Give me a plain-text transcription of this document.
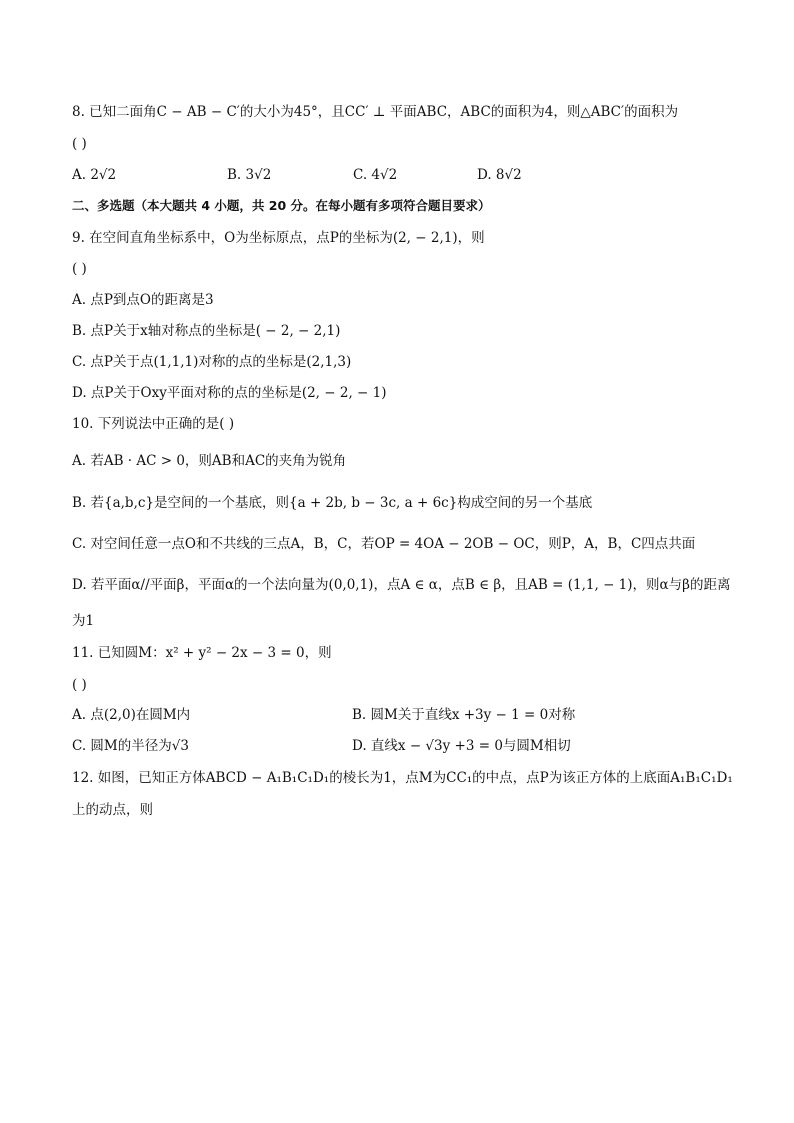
8. 已知二面角C − AB − C′的大小为45°，且CC′ ⊥ 平面ABC，ABC的面积为4，则△ABC′的面积为
( )
A. 2√2	B. 3√2	C. 4√2	D. 8√2
二、多选题（本大题共 4 小题，共 20 分。在每小题有多项符合题目要求）
9. 在空间直角坐标系中，O为坐标原点，点P的坐标为(2, − 2,1)，则
( )
A. 点P到点O的距离是3
B. 点P关于x轴对称点的坐标是( − 2, − 2,1)
C. 点P关于点(1,1,1)对称的点的坐标是(2,1,3)
D. 点P关于Oxy平面对称的点的坐标是(2, − 2, − 1)
10. 下列说法中正确的是( )
A. 若AB · AC > 0，则AB和AC的夹角为锐角
B. 若{a,b,c}是空间的一个基底，则{a + 2b, b − 3c, a + 6c}构成空间的另一个基底
C. 对空间任意一点O和不共线的三点A，B，C，若OP = 4OA − 2OB − OC，则P，A，B，C四点共面
D. 若平面α//平面β，平面α的一个法向量为(0,0,1)，点A ∈ α，点B ∈ β，且AB = (1,1, − 1)，则α与β的距离
为1
11. 已知圆M：x² + y² − 2x − 3 = 0，则
( )
A. 点(2,0)在圆M内	B. 圆M关于直线x +3y − 1 = 0对称
C. 圆M的半径为√3	D. 直线x − √3y +3 = 0与圆M相切
12. 如图，已知正方体ABCD − A₁B₁C₁D₁的棱长为1，点M为CC₁的中点，点P为该正方体的上底面A₁B₁C₁D₁
上的动点，则
